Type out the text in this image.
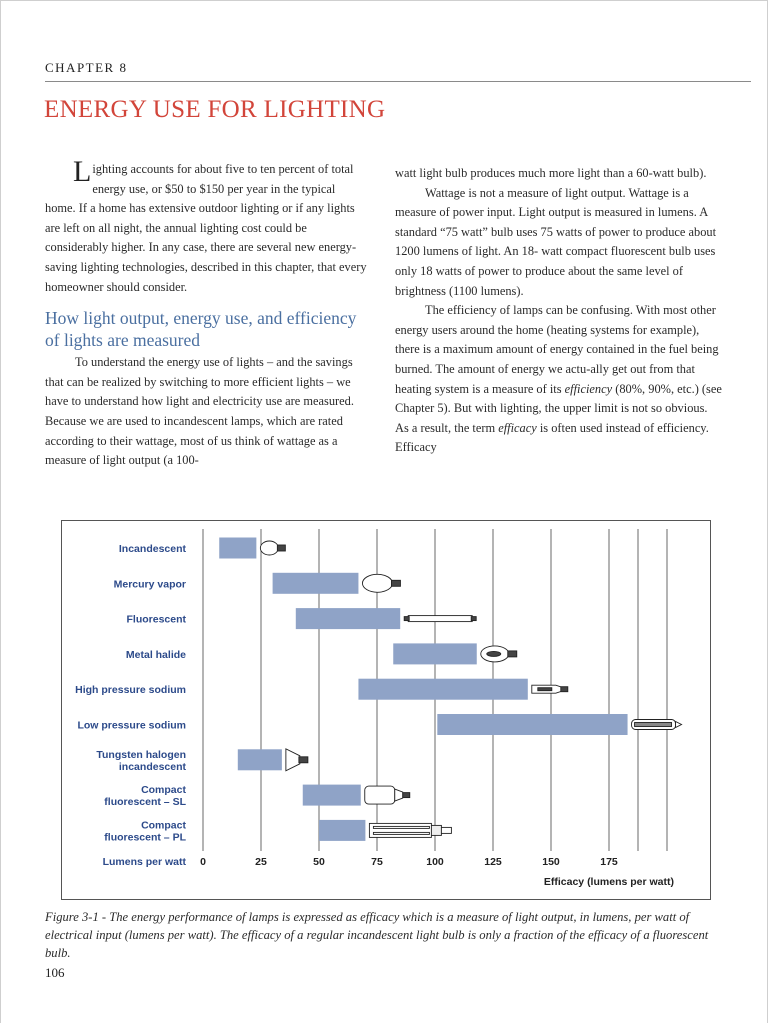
CHAPTER 8
ENERGY USE FOR LIGHTING

Lighting accounts for about five to ten percent of total energy use, or $50 to $150 per year in the typical home. If a home has extensive outdoor lighting or if any lights are left on all night, the annual lighting cost could be considerably higher. In any case, there are several new energy-saving lighting technologies, described in this chapter, that every homeowner should consider.

How light output, energy use, and efficiency of lights are measured

To understand the energy use of lights – and the savings that can be realized by switching to more efficient lights – we have to understand how light and electricity use are measured. Because we are used to incandescent lamps, which are rated according to their wattage, most of us think of wattage as a measure of light output (a 100-

watt light bulb produces much more light than a 60-watt bulb).

Wattage is not a measure of light output. Wattage is a measure of power input. Light output is measured in lumens. A standard “75 watt” bulb uses 75 watts of power to produce about 1200 lumens of light. An 18- watt compact fluorescent bulb uses only 18 watts of power to produce about the same level of brightness (1100 lumens).

The efficiency of lamps can be confusing. With most other energy users around the home (heating systems for example), there is a maximum amount of energy contained in the fuel being burned. The amount of energy we actu-ally get out from that heating system is a measure of its efficiency (80%, 90%, etc.) (see Chapter 5). But with lighting, the upper limit is not so obvious. As a result, the term efficacy is often used instead of efficiency. Efficacy

Incandescent
Mercury vapor
Fluorescent
Metal halide
High pressure sodium
Low pressure sodium
Tungsten halogen
incandescent
Compact
fluorescent – SL
Compact
fluorescent – PL
Lumens per watt 0	25	50	75	100	125	150	175
Efficacy (lumens per watt)
Figure 3-1 - The energy performance of lamps is expressed as efficacy which is a measure of light output, in lumens, per watt of electrical input (lumens per watt). The efficacy of a regular incandescent light bulb is only a fraction of the efficacy of a fluorescent bulb.
106
